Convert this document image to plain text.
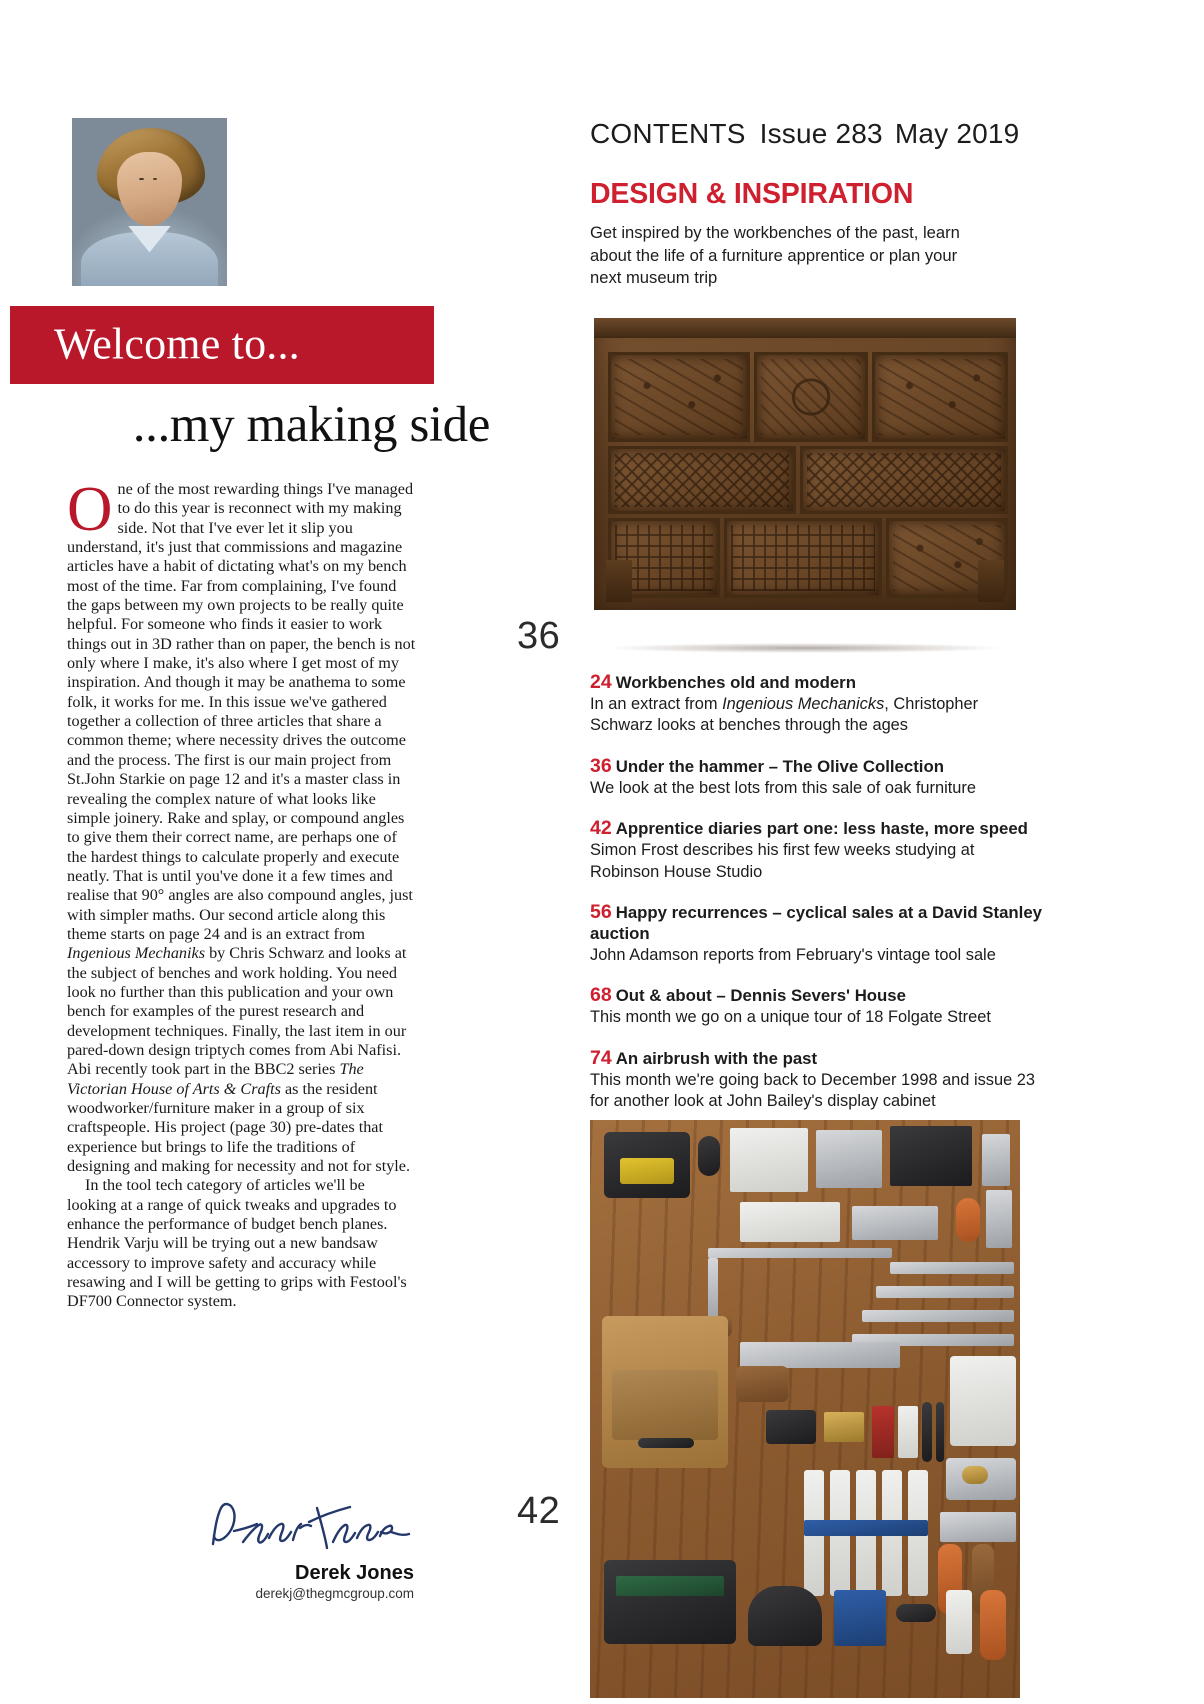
Welcome to...
...my making side

One of the most rewarding things I've managed to do this year is reconnect with my making side. Not that I've ever let it slip you understand, it's just that commissions and magazine articles have a habit of dictating what's on my bench most of the time. Far from complaining, I've found the gaps between my own projects to be really quite helpful. For someone who finds it easier to work things out in 3D rather than on paper, the bench is not only where I make, it's also where I get most of my inspiration. And though it may be anathema to some folk, it works for me. In this issue we've gathered together a collection of three articles that share a common theme; where necessity drives the outcome and the process. The first is our main project from St.John Starkie on page 12 and it's a master class in revealing the complex nature of what looks like simple joinery. Rake and splay, or compound angles to give them their correct name, are perhaps one of the hardest things to calculate properly and execute neatly. That is until you've done it a few times and realise that 90° angles are also compound angles, just with simpler maths. Our second article along this theme starts on page 24 and is an extract from Ingenious Mechaniks by Chris Schwarz and looks at the subject of benches and work holding. You need look no further than this publication and your own bench for examples of the purest research and development techniques. Finally, the last item in our pared-down design triptych comes from Abi Nafisi. Abi recently took part in the BBC2 series The Victorian House of Arts & Crafts as the resident woodworker/furniture maker in a group of six craftspeople. His project (page 30) pre-dates that experience but brings to life the traditions of designing and making for necessity and not for style.

In the tool tech category of articles we'll be looking at a range of quick tweaks and upgrades to enhance the performance of budget bench planes. Hendrik Varju will be trying out a new bandsaw accessory to improve safety and accuracy while resawing and I will be getting to grips with Festool's DF700 Connector system.

Derek Jones
derekj@thegmcgroup.com
36
42
CONTENTS Issue 283 May 2019
DESIGN & INSPIRATION
Get inspired by the workbenches of the past, learn about the life of a furniture apprentice or plan your next museum trip

24 Workbenches old and modern

In an extract from Ingenious Mechanicks, Christopher Schwarz looks at benches through the ages

36 Under the hammer – The Olive Collection

We look at the best lots from this sale of oak furniture

42 Apprentice diaries part one: less haste, more speed

Simon Frost describes his first few weeks studying at Robinson House Studio

56 Happy recurrences – cyclical sales at a David Stanley auction

John Adamson reports from February's vintage tool sale

68 Out & about – Dennis Severs' House

This month we go on a unique tour of 18 Folgate Street

74 An airbrush with the past

This month we're going back to December 1998 and issue 23 for another look at John Bailey's display cabinet
